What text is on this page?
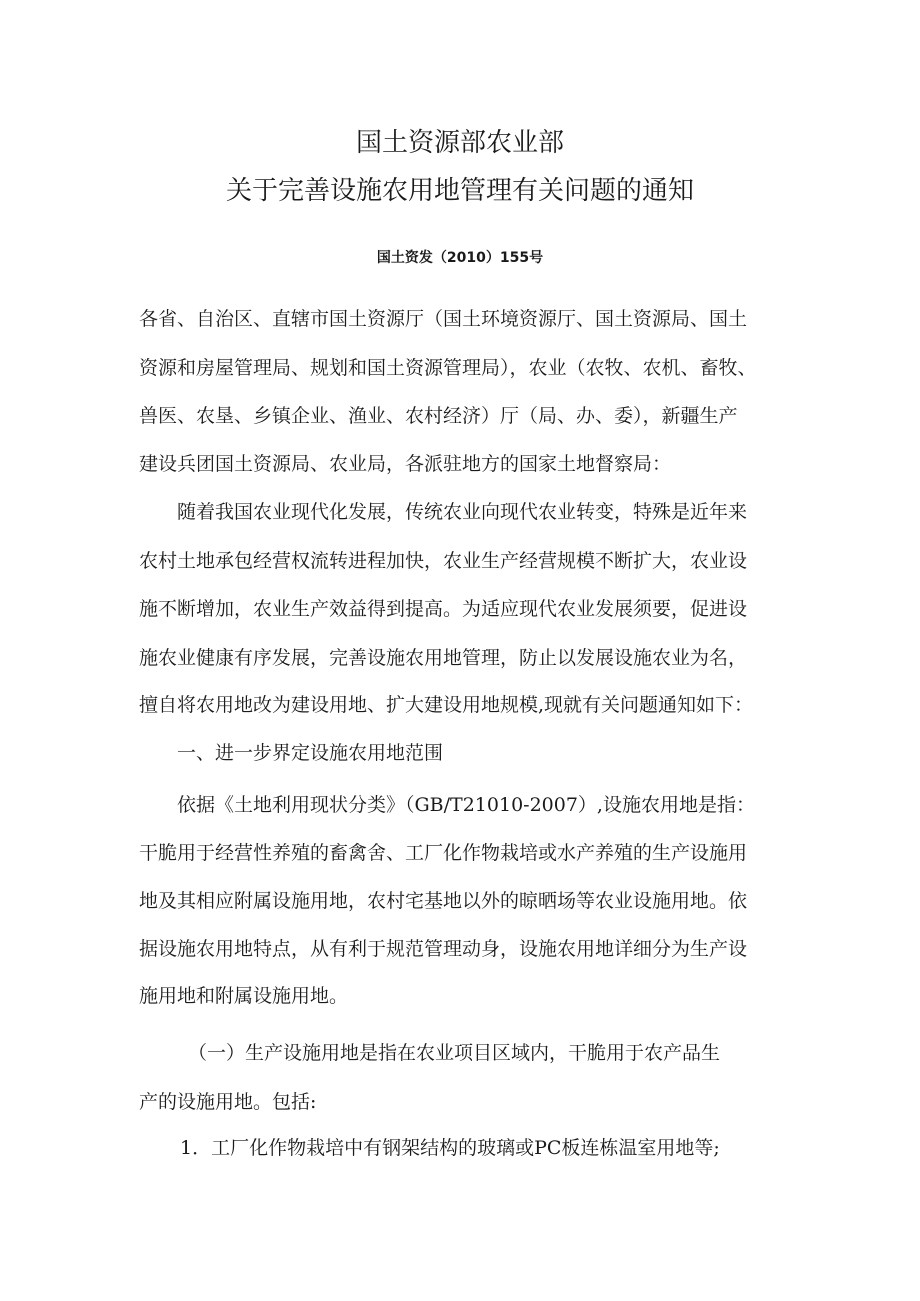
国土资源部农业部
关于完善设施农用地管理有关问题的通知
国土资发（2010）155号
各省、自治区、直辖市国土资源厅（国土环境资源厅、国土资源局、国土
资源和房屋管理局、规划和国土资源管理局），农业（农牧、农机、畜牧、
兽医、农垦、乡镇企业、渔业、农村经济）厅（局、办、委），新疆生产
建设兵团国土资源局、农业局，各派驻地方的国家土地督察局：
随着我国农业现代化发展，传统农业向现代农业转变，特殊是近年来
农村土地承包经营权流转进程加快，农业生产经营规模不断扩大，农业设
施不断增加，农业生产效益得到提高。为适应现代农业发展须要，促进设
施农业健康有序发展，完善设施农用地管理，防止以发展设施农业为名，
擅自将农用地改为建设用地、扩大建设用地规模,现就有关问题通知如下：
一、进一步界定设施农用地范围
依据《土地利用现状分类》（GB/T21010-2007）,设施农用地是指：
干脆用于经营性养殖的畜禽舍、工厂化作物栽培或水产养殖的生产设施用
地及其相应附属设施用地，农村宅基地以外的晾晒场等农业设施用地。依
据设施农用地特点，从有利于规范管理动身，设施农用地详细分为生产设
施用地和附属设施用地。
（一）生产设施用地是指在农业项目区域内，干脆用于农产品生
产的设施用地。包括:
1．工厂化作物栽培中有钢架结构的玻璃或PC板连栋温室用地等;
